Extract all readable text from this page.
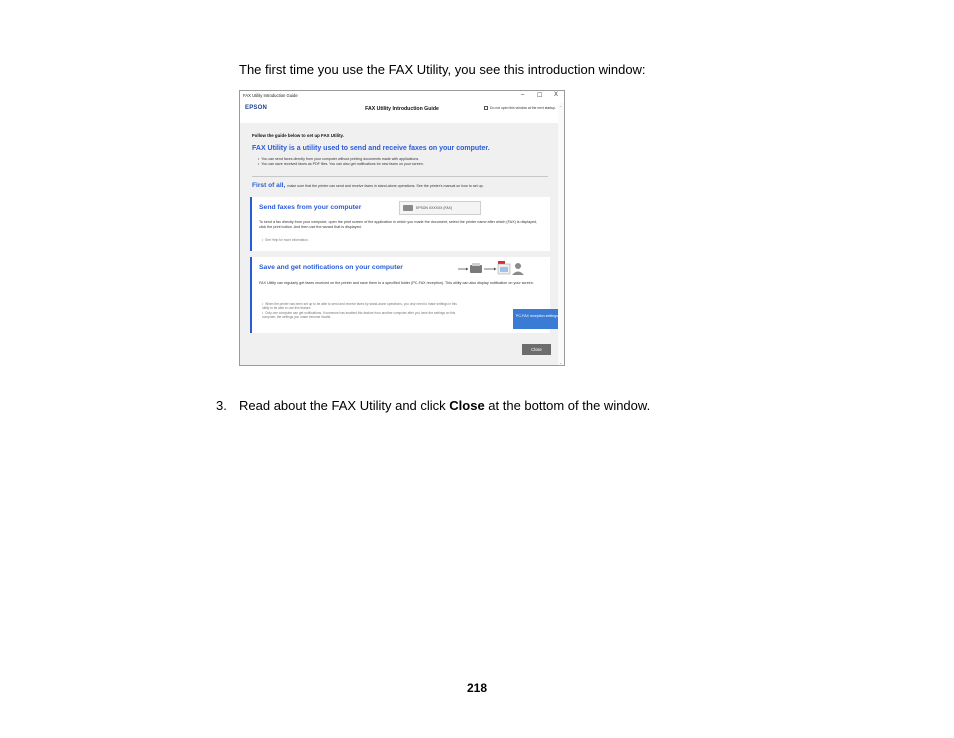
The first time you use the FAX Utility, you see this introduction window:
FAX Utility Introduction Guide	– ☐ X
EPSON	FAX Utility Introduction Guide	Do not open this window at the next startup.
Follow the guide below to set up FAX Utility.
FAX Utility is a utility used to send and receive faxes on your computer.
• You can send faxes directly from your computer without printing documents made with applications.
• You can save received faxes as PDF files. You can also get notifications for new faxes on your screen.
First of all, make sure that the printer can send and receive faxes in stand-alone operations. See the printer's manual on how to set up.
Send faxes from your computer	EPSON XXXXXX (FAX)
To send a fax directly from your computer, open the print screen of the application in which you made the document, select the printer name after which (FAX) is displayed, click the print button. And then use the wizard that is displayed.
• See Help for more information.
Save and get notifications on your computer
FAX Utility can regularly get faxes received on the printer and save them to a specified folder (PC-FAX reception). This utility can also display notification on your screen.
• When the printer has been set up to be able to send and receive faxes by stand-alone operations, you only need to make settings in this utility to be able to use this feature.
• Only one computer can get notifications. If someone has enabled this feature from another computer after you have the settings on this computer, the settings you made become invalid.	PC-FAX reception settings
⌃
⌄
Close
3. Read about the FAX Utility and click Close at the bottom of the window.
218
